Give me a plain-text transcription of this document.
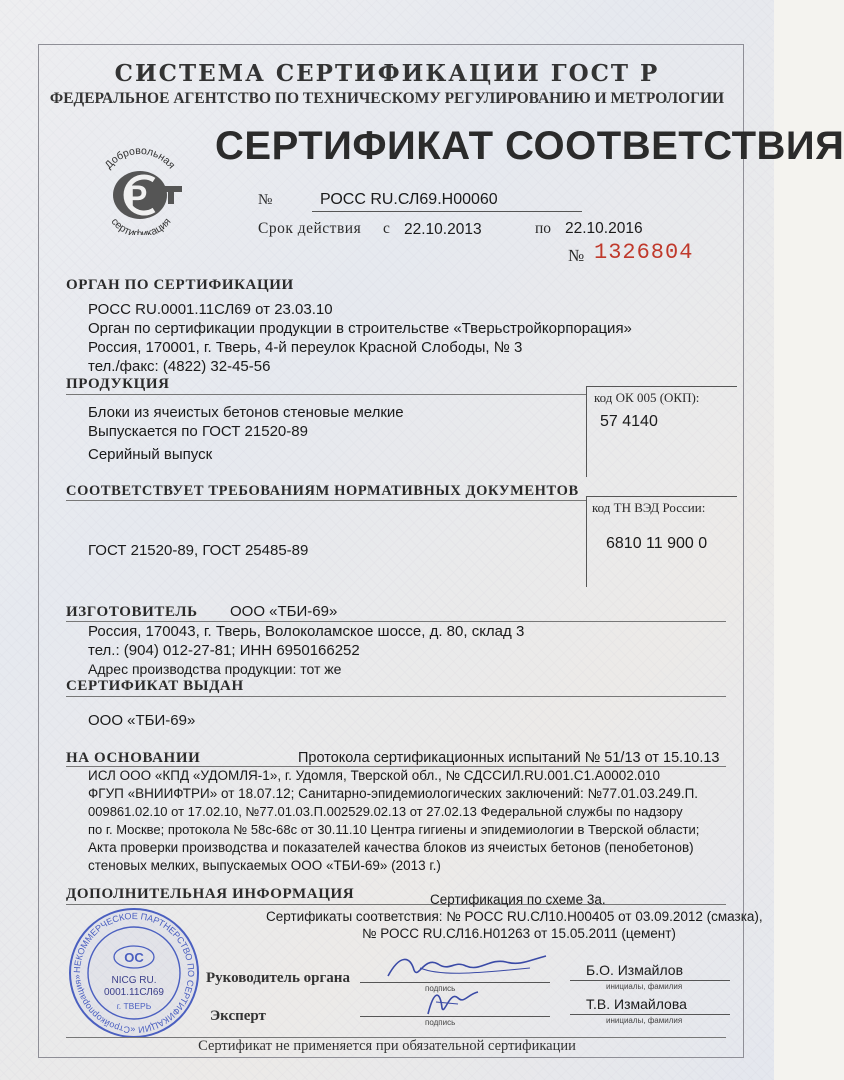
СИСТЕМА СЕРТИФИКАЦИИ ГОСТ Р
ФЕДЕРАЛЬНОЕ АГЕНТСТВО ПО ТЕХНИЧЕСКОМУ РЕГУЛИРОВАНИЮ И МЕТРОЛОГИИ
Добровольная
сертификация
Р
СЕРТИФИКАТ СООТВЕТСТВИЯ
№	РОСС RU.СЛ69.Н00060
Срок действия с 22.10.2013	по 22.10.2016
№ 1326804
ОРГАН ПО СЕРТИФИКАЦИИ
РОСС RU.0001.11СЛ69 от 23.03.10
Орган по сертификации продукции в строительстве «Тверьстройкорпорация»
Россия, 170001, г. Тверь, 4-й переулок Красной Слободы, № 3
тел./факс: (4822) 32-45-56
ПРОДУКЦИЯ
Блоки из ячеистых бетонов стеновые мелкие
Выпускается по ГОСТ 21520-89
Серийный выпуск
код ОК 005 (ОКП):
57 4140
СООТВЕТСТВУЕТ ТРЕБОВАНИЯМ НОРМАТИВНЫХ ДОКУМЕНТОВ
ГОСТ 21520-89, ГОСТ 25485-89
код ТН ВЭД России:
6810 11 900 0
ИЗГОТОВИТЕЛЬ ООО «ТБИ-69»
Россия, 170043, г. Тверь, Волоколамское шоссе, д. 80, склад 3
тел.: (904) 012-27-81; ИНН 6950166252
Адрес производства продукции: тот же
СЕРТИФИКАТ ВЫДАН
ООО «ТБИ-69»
НА ОСНОВАНИИ	Протокола сертификационных испытаний № 51/13 от 15.10.13
ИСЛ ООО «КПД «УДОМЛЯ-1», г. Удомля, Тверской обл., № СДССИЛ.RU.001.С1.А0002.010
ФГУП «ВНИИФТРИ» от 18.07.12; Санитарно-эпидемиологических заключений: №77.01.03.249.П.
009861.02.10 от 17.02.10, №77.01.03.П.002529.02.13 от 27.02.13 Федеральной службы по надзору
по г. Москве; протокола № 58с-68с от 30.11.10 Центра гигиены и эпидемиологии в Тверской области;
Акта проверки производства и показателей качества блоков из ячеистых бетонов (пенобетонов)
стеновых мелких, выпускаемых ООО «ТБИ-69» (2013 г.)
ДОПОЛНИТЕЛЬНАЯ ИНФОРМАЦИЯ	Сертификация по схеме 3а.
Сертификаты соответствия: № РОСС RU.СЛ10.Н00405 от 03.09.2012 (смазка),
№ РОСС RU.СЛ16.Н01263 от 15.05.2011 (цемент)
НЕКОММЕРЧЕСКОЕ ПАРТНЕРСТВО ПО СЕРТИФИКАЦИИ «Стройкорпорация»
ОС
NICG RU.
0001.11СЛ69
г. ТВЕРЬ
Руководитель органа
подпись
Б.О. Измайлов
инициалы, фамилия
Эксперт	подпись
Т.В. Измайлова
инициалы, фамилия
Сертификат не применяется при обязательной сертификации
